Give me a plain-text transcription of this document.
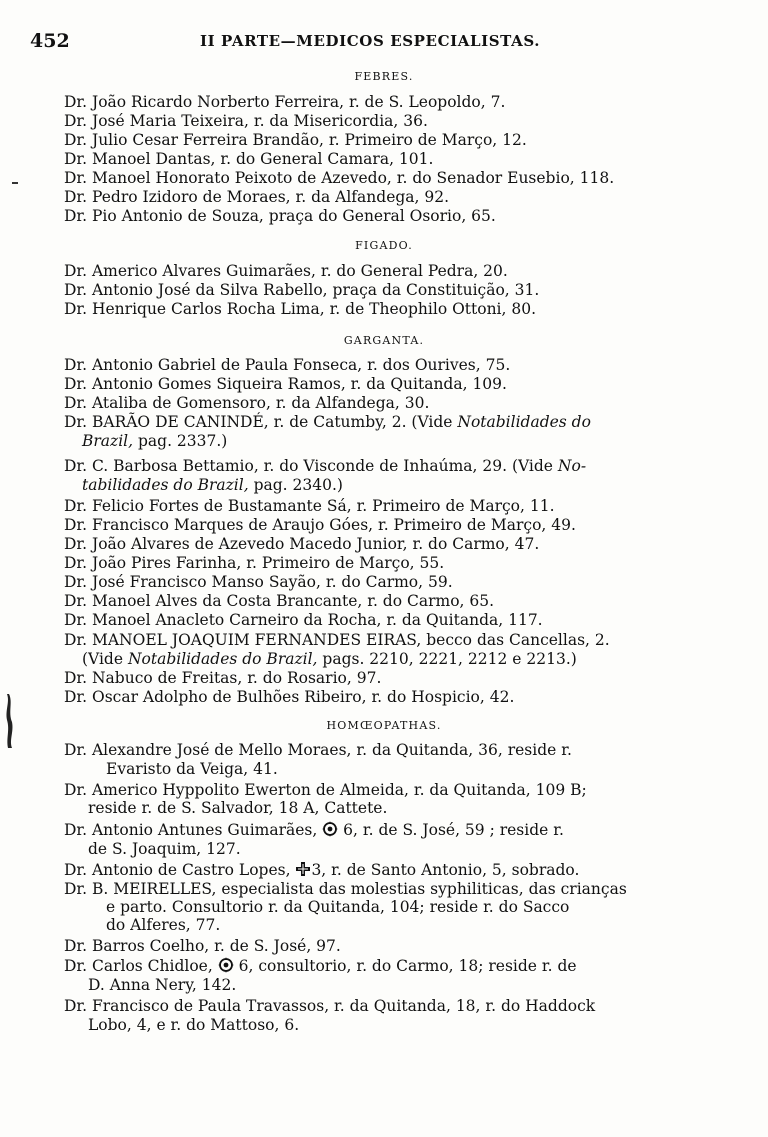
452	II PARTE—MEDICOS ESPECIALISTAS.
FEBRES.
Dr. João Ricardo Norberto Ferreira, r. de S. Leopoldo, 7.
Dr. José Maria Teixeira, r. da Misericordia, 36.
Dr. Julio Cesar Ferreira Brandão, r. Primeiro de Março, 12.
Dr. Manoel Dantas, r. do General Camara, 101.
Dr. Manoel Honorato Peixoto de Azevedo, r. do Senador Eusebio, 118.
Dr. Pedro Izidoro de Moraes, r. da Alfandega, 92.
Dr. Pio Antonio de Souza, praça do General Osorio, 65.
FIGADO.
Dr. Americo Alvares Guimarães, r. do General Pedra, 20.
Dr. Antonio José da Silva Rabello, praça da Constituição, 31.
Dr. Henrique Carlos Rocha Lima, r. de Theophilo Ottoni, 80.
GARGANTA.
Dr. Antonio Gabriel de Paula Fonseca, r. dos Ourives, 75.
Dr. Antonio Gomes Siqueira Ramos, r. da Quitanda, 109.
Dr. Ataliba de Gomensoro, r. da Alfandega, 30.
Dr. BARÃO DE CANINDÉ, r. de Catumby, 2. (Vide Notabilidades do
Brazil, pag. 2337.)
Dr. C. Barbosa Bettamio, r. do Visconde de Inhaúma, 29. (Vide No-
tabilidades do Brazil, pag. 2340.)
Dr. Felicio Fortes de Bustamante Sá, r. Primeiro de Março, 11.
Dr. Francisco Marques de Araujo Góes, r. Primeiro de Março, 49.
Dr. João Alvares de Azevedo Macedo Junior, r. do Carmo, 47.
Dr. João Pires Farinha, r. Primeiro de Março, 55.
Dr. José Francisco Manso Sayão, r. do Carmo, 59.
Dr. Manoel Alves da Costa Brancante, r. do Carmo, 65.
Dr. Manoel Anacleto Carneiro da Rocha, r. da Quitanda, 117.
Dr. MANOEL JOAQUIM FERNANDES EIRAS, becco das Cancellas, 2.
(Vide Notabilidades do Brazil, pags. 2210, 2221, 2212 e 2213.)
Dr. Nabuco de Freitas, r. do Rosario, 97.
Dr. Oscar Adolpho de Bulhões Ribeiro, r. do Hospicio, 42.
HOMŒOPATHAS.
Dr. Alexandre José de Mello Moraes, r. da Quitanda, 36, reside r.
Evaristo da Veiga, 41.
Dr. Americo Hyppolito Ewerton de Almeida, r. da Quitanda, 109 B;
reside r. de S. Salvador, 18 A, Cattete.
Dr. Antonio Antunes Guimarães,  6, r. de S. José, 59 ; reside r.
de S. Joaquim, 127.
Dr. Antonio de Castro Lopes, 3, r. de Santo Antonio, 5, sobrado.
Dr. B. MEIRELLES, especialista das molestias syphiliticas, das crianças
e parto. Consultorio r. da Quitanda, 104; reside r. do Sacco
do Alferes, 77.
Dr. Barros Coelho, r. de S. José, 97.
Dr. Carlos Chidloe,  6, consultorio, r. do Carmo, 18; reside r. de
D. Anna Nery, 142.
Dr. Francisco de Paula Travassos, r. da Quitanda, 18, r. do Haddock
Lobo, 4, e r. do Mattoso, 6.
